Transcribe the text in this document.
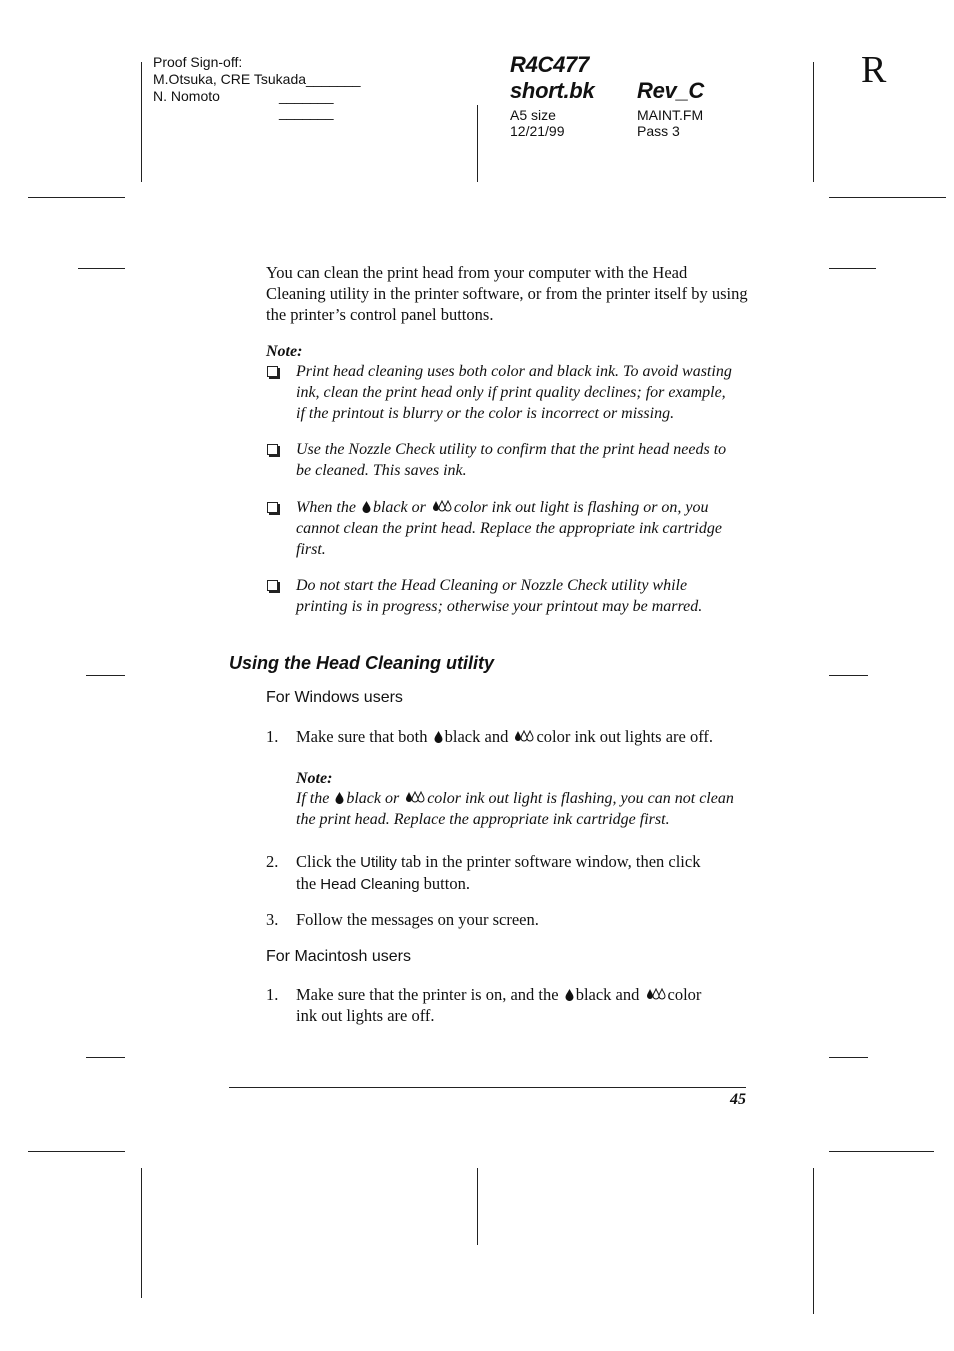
Proof Sign-off:
M.Otsuka, CRE Tsukada_______
N. Nomoto	_______
_______
R4C477
short.bk Rev_C
A5 size
12/21/99
MAINT.FM
Pass 3
R
You can clean the print head from your computer with the Head Cleaning utility in the printer software, or from the printer itself by using the printer’s control panel buttons.
Note:
Print head cleaning uses both color and black ink. To avoid wasting
ink, clean the print head only if print quality declines; for example,
if the printout is blurry or the color is incorrect or missing.
Use the Nozzle Check utility to confirm that the print head needs to
be cleaned. This saves ink.
When the black or color ink out light is flashing or on, you
cannot clean the print head. Replace the appropriate ink cartridge
first.
Do not start the Head Cleaning or Nozzle Check utility while
printing is in progress; otherwise your printout may be marred.
Using the Head Cleaning utility
For Windows users
1. Make sure that both black and color ink out lights are off.
Note:
If the black or color ink out light is flashing, you can not clean
the print head. Replace the appropriate ink cartridge first.
2. Click the Utility tab in the printer software window, then click
the Head Cleaning button.
3. Follow the messages on your screen.
For Macintosh users
1. Make sure that the printer is on, and the black and color
ink out lights are off.
45
